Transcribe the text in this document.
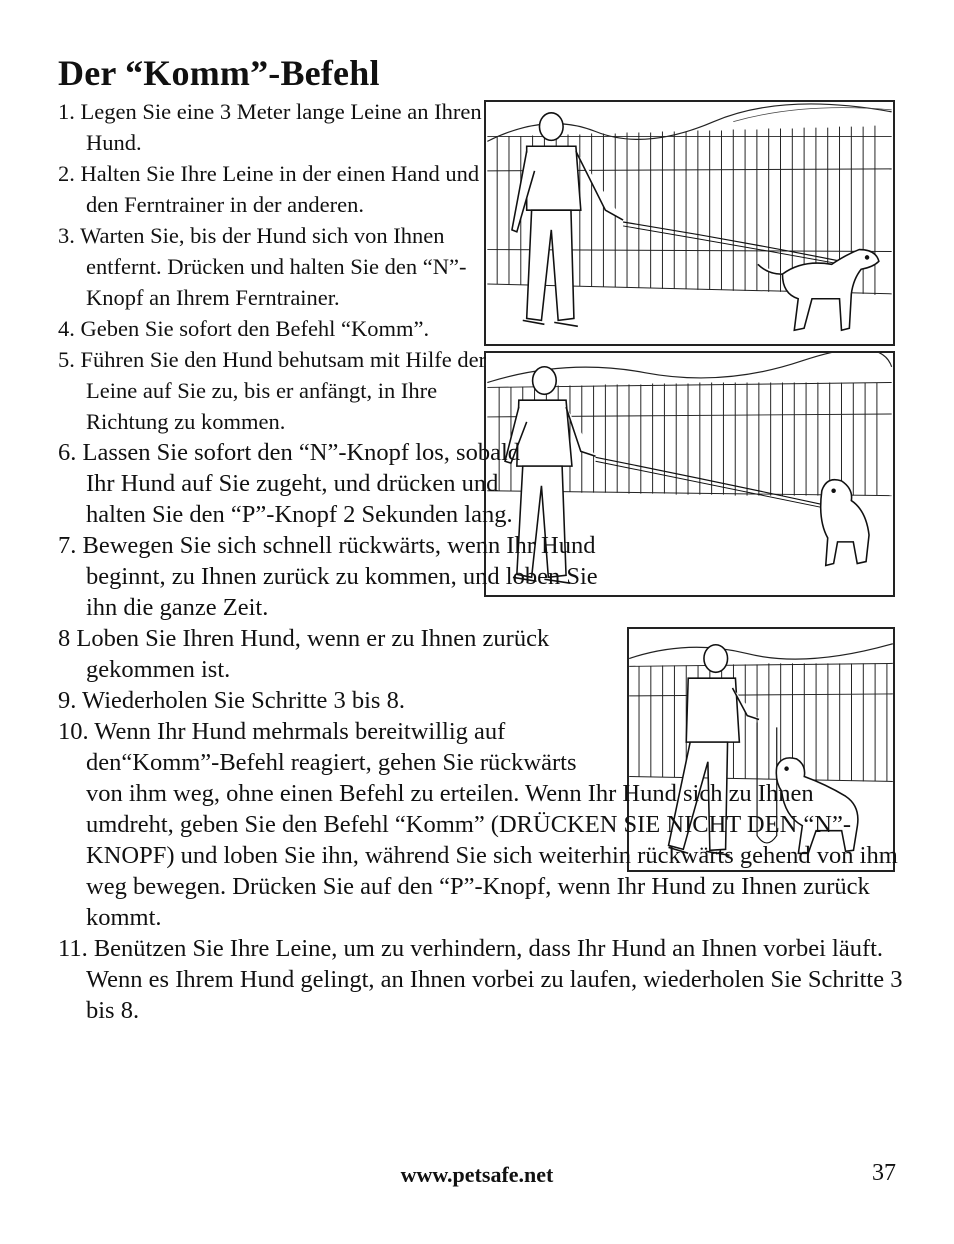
Der “Komm”-Befehl
1. Legen Sie eine 3 Meter lange Leine an Ihren Hund.
2. Halten Sie Ihre Leine in der einen Hand und den Ferntrainer in der anderen.
3. Warten Sie, bis der Hund sich von Ihnen entfernt. Drücken und halten Sie den “N”-Knopf an Ihrem Ferntrainer.
4. Geben Sie sofort den Befehl “Komm”.
5. Führen Sie den Hund behutsam mit Hilfe der Leine auf Sie zu, bis er anfängt, in Ihre Richtung zu kommen.
6. Lassen Sie sofort den “N”-Knopf los, sobald Ihr Hund auf Sie zugeht, und drücken und halten Sie den “P”-Knopf 2 Sekunden lang.
7. Bewegen Sie sich schnell rückwärts, wenn Ihr Hund beginnt, zu Ihnen zurück zu kommen, und loben Sie ihn die ganze Zeit.
8 Loben Sie Ihren Hund, wenn er zu Ihnen zurück gekommen ist.
9. Wiederholen Sie Schritte 3 bis 8.
10. Wenn Ihr Hund mehrmals bereitwillig auf den“Komm”-Befehl reagiert, gehen Sie rückwärts von ihm weg, ohne einen Befehl zu erteilen. Wenn Ihr Hund sich zu Ihnen umdreht, geben Sie den Befehl “Komm” (DRÜCKEN SIE NICHT DEN “N”-KNOPF) und loben Sie ihn, während Sie sich weiterhin rückwärts gehend von ihm weg bewegen. Drücken Sie auf den “P”-Knopf, wenn Ihr Hund zu Ihnen zurück kommt.
11. Benützen Sie Ihre Leine, um zu verhindern, dass Ihr Hund an Ihnen vorbei läuft. Wenn es Ihrem Hund gelingt, an Ihnen vorbei zu laufen, wiederholen Sie Schritte 3 bis 8.
www.petsafe.net	37
